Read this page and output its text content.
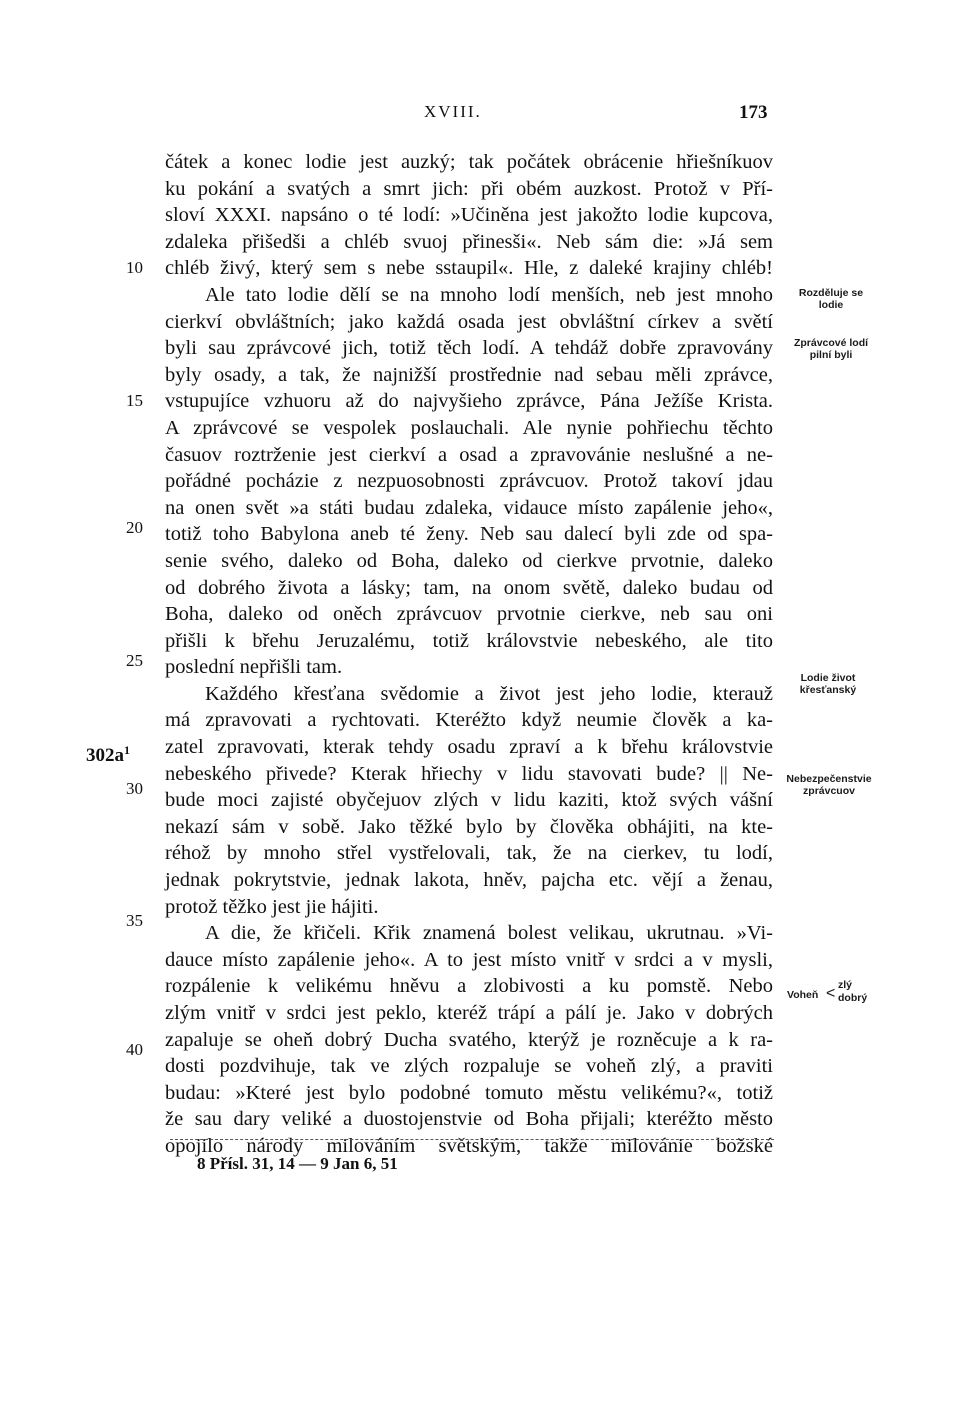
XVIII.	173
čátek a konec lodie jest auzký; tak počátek obrácenie hřiešníkuov
ku pokání a svatých a smrt jich: při obém auzkost. Protož v Pří-
sloví XXXI. napsáno o té lodí: »Učiněna jest jakožto lodie kupcova,
zdaleka přišedši a chléb svuoj přinesši«. Neb sám die: »Já sem
chléb živý, který sem s nebe sstaupil«. Hle, z daleké krajiny chléb!
Ale tato lodie dělí se na mnoho lodí menších, neb jest mnoho
cierkví obvláštních; jako každá osada jest obvláštní církev a světí
byli sau zprávcové jich, totiž těch lodí. A tehdáž dobře zpravovány
byly osady, a tak, že najnižší prostřednie nad sebau měli zprávce,
vstupujíce vzhuoru až do najvyšieho zprávce, Pána Ježíše Krista.
A zprávcové se vespolek poslauchali. Ale nynie pohřiechu těchto
časuov roztrženie jest cierkví a osad a zpravovánie neslušné a ne-
pořádné pocházie z nezpuosobnosti zprávcuov. Protož takoví jdau
na onen svět »a státi budau zdaleka, vidauce místo zapálenie jeho«,
totiž toho Babylona aneb té ženy. Neb sau dalecí byli zde od spa-
senie svého, daleko od Boha, daleko od cierkve prvotnie, daleko
od dobrého života a lásky; tam, na onom světě, daleko budau od
Boha, daleko od oněch zprávcuov prvotnie cierkve, neb sau oni
přišli k břehu Jeruzalému, totiž královstvie nebeského, ale tito
poslední nepřišli tam.
Každého křesťana svědomie a život jest jeho lodie, kterauž
má zpravovati a rychtovati. Kteréžto když neumie člověk a ka-
zatel zpravovati, kterak tehdy osadu zpraví a k břehu královstvie
nebeského přivede? Kterak hřiechy v lidu stavovati bude? || Ne-
bude moci zajisté obyčejuov zlých v lidu kaziti, ktož svých vášní
nekazí sám v sobě. Jako těžké bylo by člověka obhájiti, na kte-
réhož by mnoho střel vystřelovali, tak, že na cierkev, tu lodí,
jednak pokrytstvie, jednak lakota, hněv, pajcha etc. vějí a ženau,
protož těžko jest jie hájiti.
A die, že křičeli. Křik znamená bolest velikau, ukrutnau. »Vi-
dauce místo zapálenie jeho«. A to jest místo vnitř v srdci a v mysli,
rozpálenie k velikému hněvu a zlobivosti a ku pomstě. Nebo
zlým vnitř v srdci jest peklo, kteréž trápí a pálí je. Jako v dobrých
zapaluje se oheň dobrý Ducha svatého, kterýž je rozněcuje a k ra-
dosti pozdvihuje, tak ve zlých rozpaluje se voheň zlý, a praviti
budau: »Které jest bylo podobné tomuto městu velikému?«, totiž
že sau dary veliké a duostojenstvie od Boha přijali; kteréžto město
opojilo národy milováním světským, takže milovánie božské
10
15
20
25
30
35
40
$302a^1$
Rozděluje se
lodie
Zprávcové lodí
pilní byli
Lodie život
křesťanský
Nebezpečenstvie
zprávcuov
Voheň < zlý
dobrý
8 Přísl. 31, 14 — 9 Jan 6, 51
